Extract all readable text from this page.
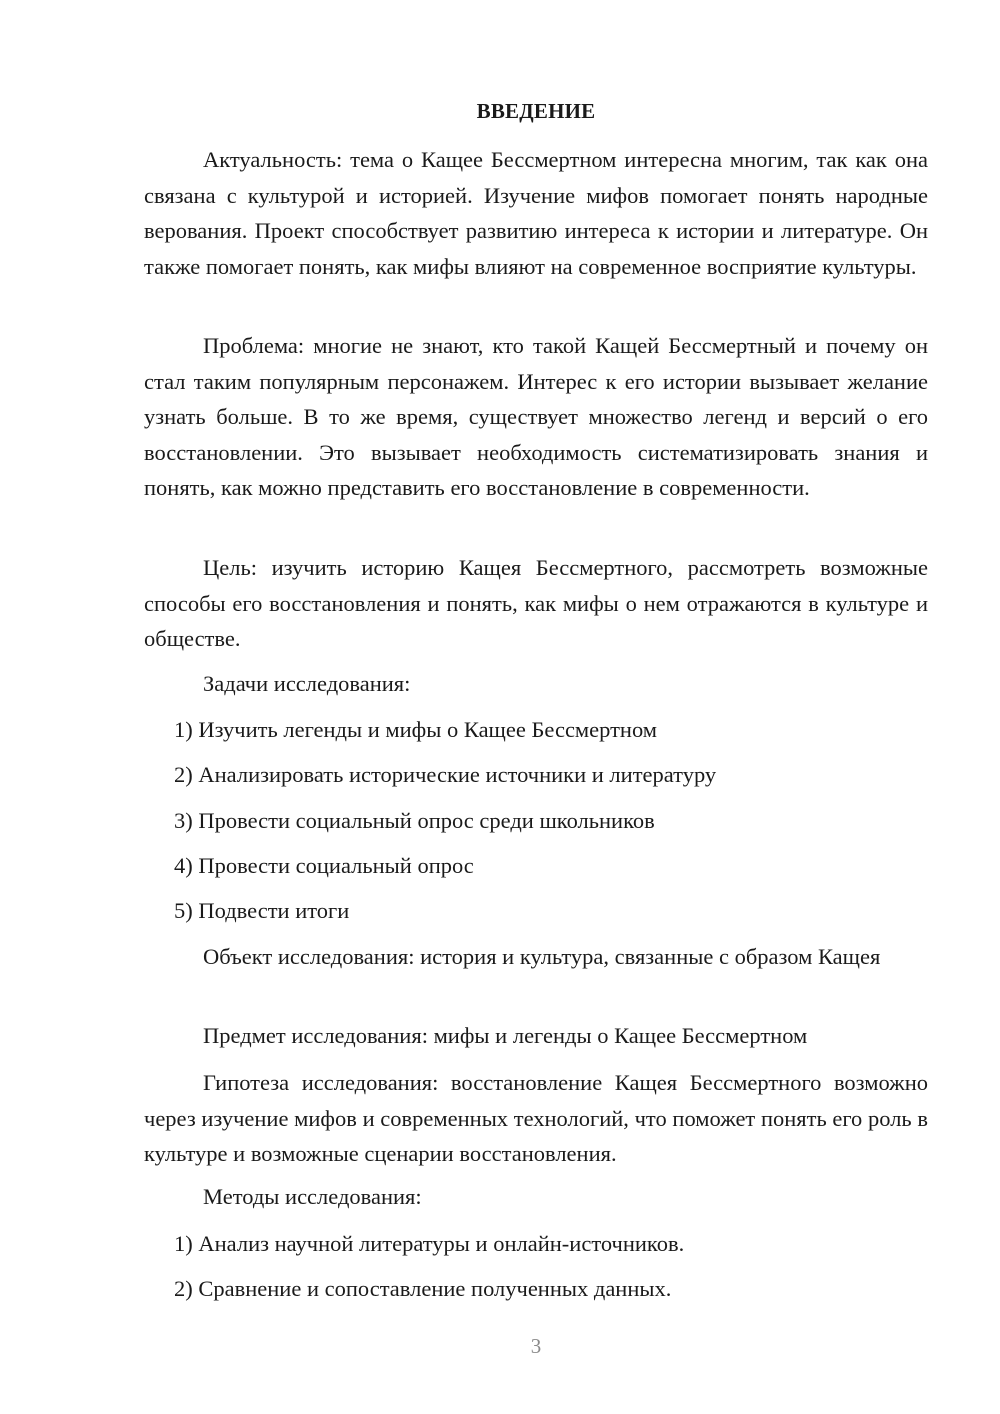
ВВЕДЕНИЕ

Актуальность: тема о Кащее Бессмертном интересна многим, так как она связана с культурой и историей. Изучение мифов помогает понять народные верования. Проект способствует развитию интереса к истории и литературе. Он также помогает понять, как мифы влияют на современное восприятие культуры.

Проблема: многие не знают, кто такой Кащей Бессмертный и почему он стал таким популярным персонажем. Интерес к его истории вызывает желание узнать больше. В то же время, существует множество легенд и версий о его восстановлении. Это вызывает необходимость систематизировать знания и понять, как можно представить его восстановление в современности.

Цель: изучить историю Кащея Бессмертного, рассмотреть возможные способы его восстановления и понять, как мифы о нем отражаются в культуре и обществе.

Задачи исследования:

1) Изучить легенды и мифы о Кащее Бессмертном

2) Анализировать исторические источники и литературу

3) Провести социальный опрос среди школьников

4) Провести социальный опрос

5) Подвести итоги

Объект исследования: история и культура, связанные с образом Кащея

Предмет исследования: мифы и легенды о Кащее Бессмертном

Гипотеза исследования: восстановление Кащея Бессмертного возможно через изучение мифов и современных технологий, что поможет понять его роль в культуре и возможные сценарии восстановления.

Методы исследования:

1) Анализ научной литературы и онлайн-источников.

2) Сравнение и сопоставление полученных данных.

3
